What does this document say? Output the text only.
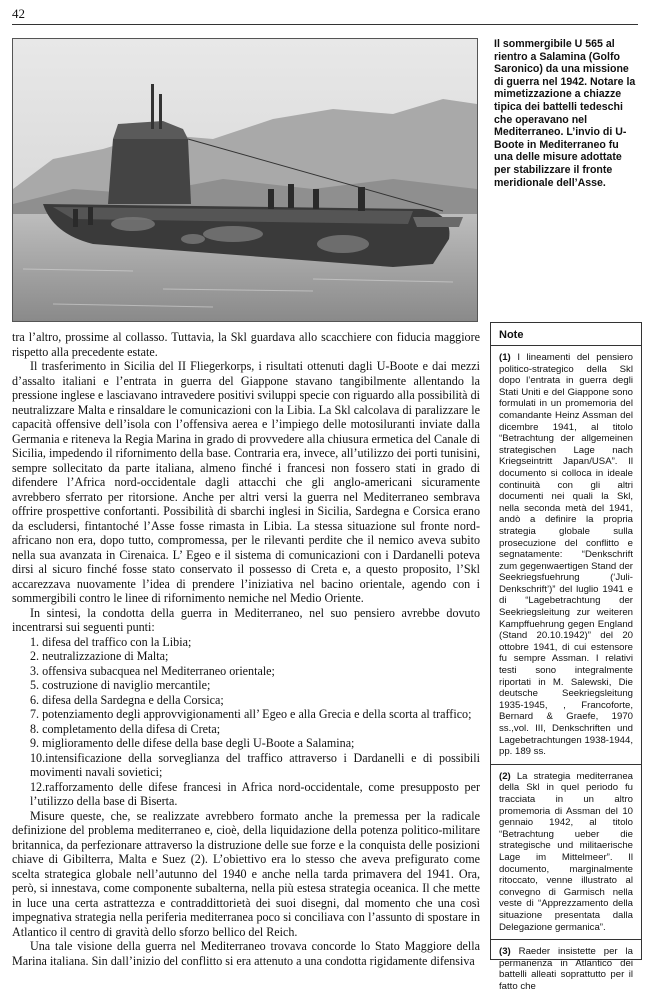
42
Il sommergibile U 565 al rientro a Salamina (Golfo Saronico) da una missione di guerra nel 1942. Notare la mimetizzazione a chiazze tipica dei battelli tedeschi che operavano nel Mediterraneo. L’invio di U-Boote in Mediterraneo fu una delle misure adottate per stabilizzare il fronte meridionale dell’Asse.

tra l’altro, prossime al collasso. Tuttavia, la Skl guardava allo scacchiere con fiducia maggiore rispetto alla precedente estate.

Il trasferimento in Sicilia del II Fliegerkorps, i risultati ottenuti dagli U-Boote e dai mezzi d’assalto italiani e l’entrata in guerra del Giappone stavano tangibilmente allentando la pressione inglese e lasciavano intravedere positivi sviluppi specie con riguardo alla possibilità di neutralizzare Malta e rinsaldare le comunicazioni con la Libia. La Skl calcolava di paralizzare le capacità offensive dell’isola con l’offensiva aerea e l’impiego delle motosiluranti inviate dalla Germania e riteneva la Regia Marina in grado di provvedere alla chiusura ermetica del Canale di Sicilia, impedendo il rifornimento della base. Contraria era, invece, all’utilizzo dei porti tunisini, sempre sollecitato da parte italiana, almeno finché i francesi non fossero stati in grado di difendere l’Africa nord-occidentale dagli attacchi che gli anglo-americani sicuramente avrebbero sferrato per ritorsione. Anche per altri versi la guerra nel Mediterraneo sembrava offrire prospettive confortanti. Possibilità di sbarchi inglesi in Sicilia, Sardegna e Corsica erano da escludersi, fintantoché l’Asse fosse rimasta in Libia. La stessa situazione sul fronte nord-africano non era, dopo tutto, compromessa, per le rilevanti perdite che il nemico aveva subito nella sua avanzata in Cirenaica. L’ Egeo e il sistema di comunicazioni con i Dardanelli poteva dirsi al sicuro finché fosse stato conservato il possesso di Creta e, a questo proposito, l’Skl accarezzava nuovamente l’idea di prendere l’iniziativa nel bacino orientale, agendo con i sommergibili contro le linee di rifornimento nemiche nel Medio Oriente.

In sintesi, la condotta della guerra in Mediterraneo, nel suo pensiero avrebbe dovuto incentrarsi sui seguenti punti:

1. difesa del traffico con la Libia;
2. neutralizzazione di Malta;
3. offensiva subacquea nel Mediterraneo orientale;
5. costruzione di naviglio mercantile;
6. difesa della Sardegna e della Corsica;
7. potenziamento degli approvvigionamenti all’ Egeo e alla Grecia e della scorta al traffico;
8. completamento della difesa di Creta;
9. miglioramento delle difese della base degli U-Boote a Salamina;
10.intensificazione della sorveglianza del traffico attraverso i Dardanelli e di possibili movimenti navali sovietici;
12.rafforzamento delle difese francesi in Africa nord-occidentale, come presupposto per l’utilizzo della base di Biserta.

Misure queste, che, se realizzate avrebbero formato anche la premessa per la radicale definizione del problema mediterraneo e, cioè, della liquidazione della potenza politico-militare britannica, da perfezionare attraverso la distruzione delle sue forze e la conquista delle posizioni chiave di Gibilterra, Malta e Suez (2). L’obiettivo era lo stesso che aveva prefigurato come scelta strategica globale nell’autunno del 1940 e anche nella tarda primavera del 1941. Ora, però, si innestava, come componente subalterna, nella più estesa strategia oceanica. Il che mette in luce una certa astrattezza e contraddittorietà dei suoi disegni, dal momento che una così impegnativa strategia nella periferia mediterranea poco si conciliava con l’assunto di spostare in Atlantico il centro di gravità dello sforzo bellico del Reich.

Una tale visione della guerra nel Mediterraneo trovava concorde lo Stato Maggiore della Marina italiana. Sin dall’inizio del conflitto si era attenuto a una condotta rigidamente difensiva

Note
(1) I lineamenti del pensiero politico-strategico della Skl dopo l’entrata in guerra degli Stati Uniti e del Giappone sono formulati in un promemoria del comandante Heinz Assman del dicembre 1941, al titolo “Betrachtung der allgemeinen strategischen Lage nach Kriegseintritt Japan/USA”. Il documento si colloca in ideale continuità con gli altri documenti nei quali la Skl, nella seconda metà del 1941, andò a definire la propria strategia globale sulla prosecuzione del conflitto e segnatamente: “Denkschrift zum gegenwaertigen Stand der Seekriegsfuehrung (‘Juli-Denkschrift’)” del luglio 1941 e di “Lagebetrachtung der Seekriegsleitung zur weiteren Kampffuehrung gegen England (Stand 20.10.1942)” del 20 ottobre 1941, di cui estensore fu sempre Assman. I relativi testi sono integralmente riportati in M. Salewski, Die deutsche Seekriegsleitung 1935-1945, , Francoforte, Bernard & Graefe, 1970 ss.,vol. III, Denkschriften und Lagebetrachtungen 1938-1944, pp. 189 ss.
(2) La strategia mediterranea della Skl in quel periodo fu tracciata in un altro promemoria di Assman del 10 gennaio 1942, al titolo “Betrachtung ueber die strategische und militaerische Lage im Mittelmeer”. Il documento, marginalmente ritoccato, venne illustrato al convegno di Garmisch nella veste di “Apprezzamento della situazione presentata dalla Delegazione germanica”.
(3) Raeder insistette per la permanenza in Atlantico dei battelli alleati soprattutto per il fatto che
